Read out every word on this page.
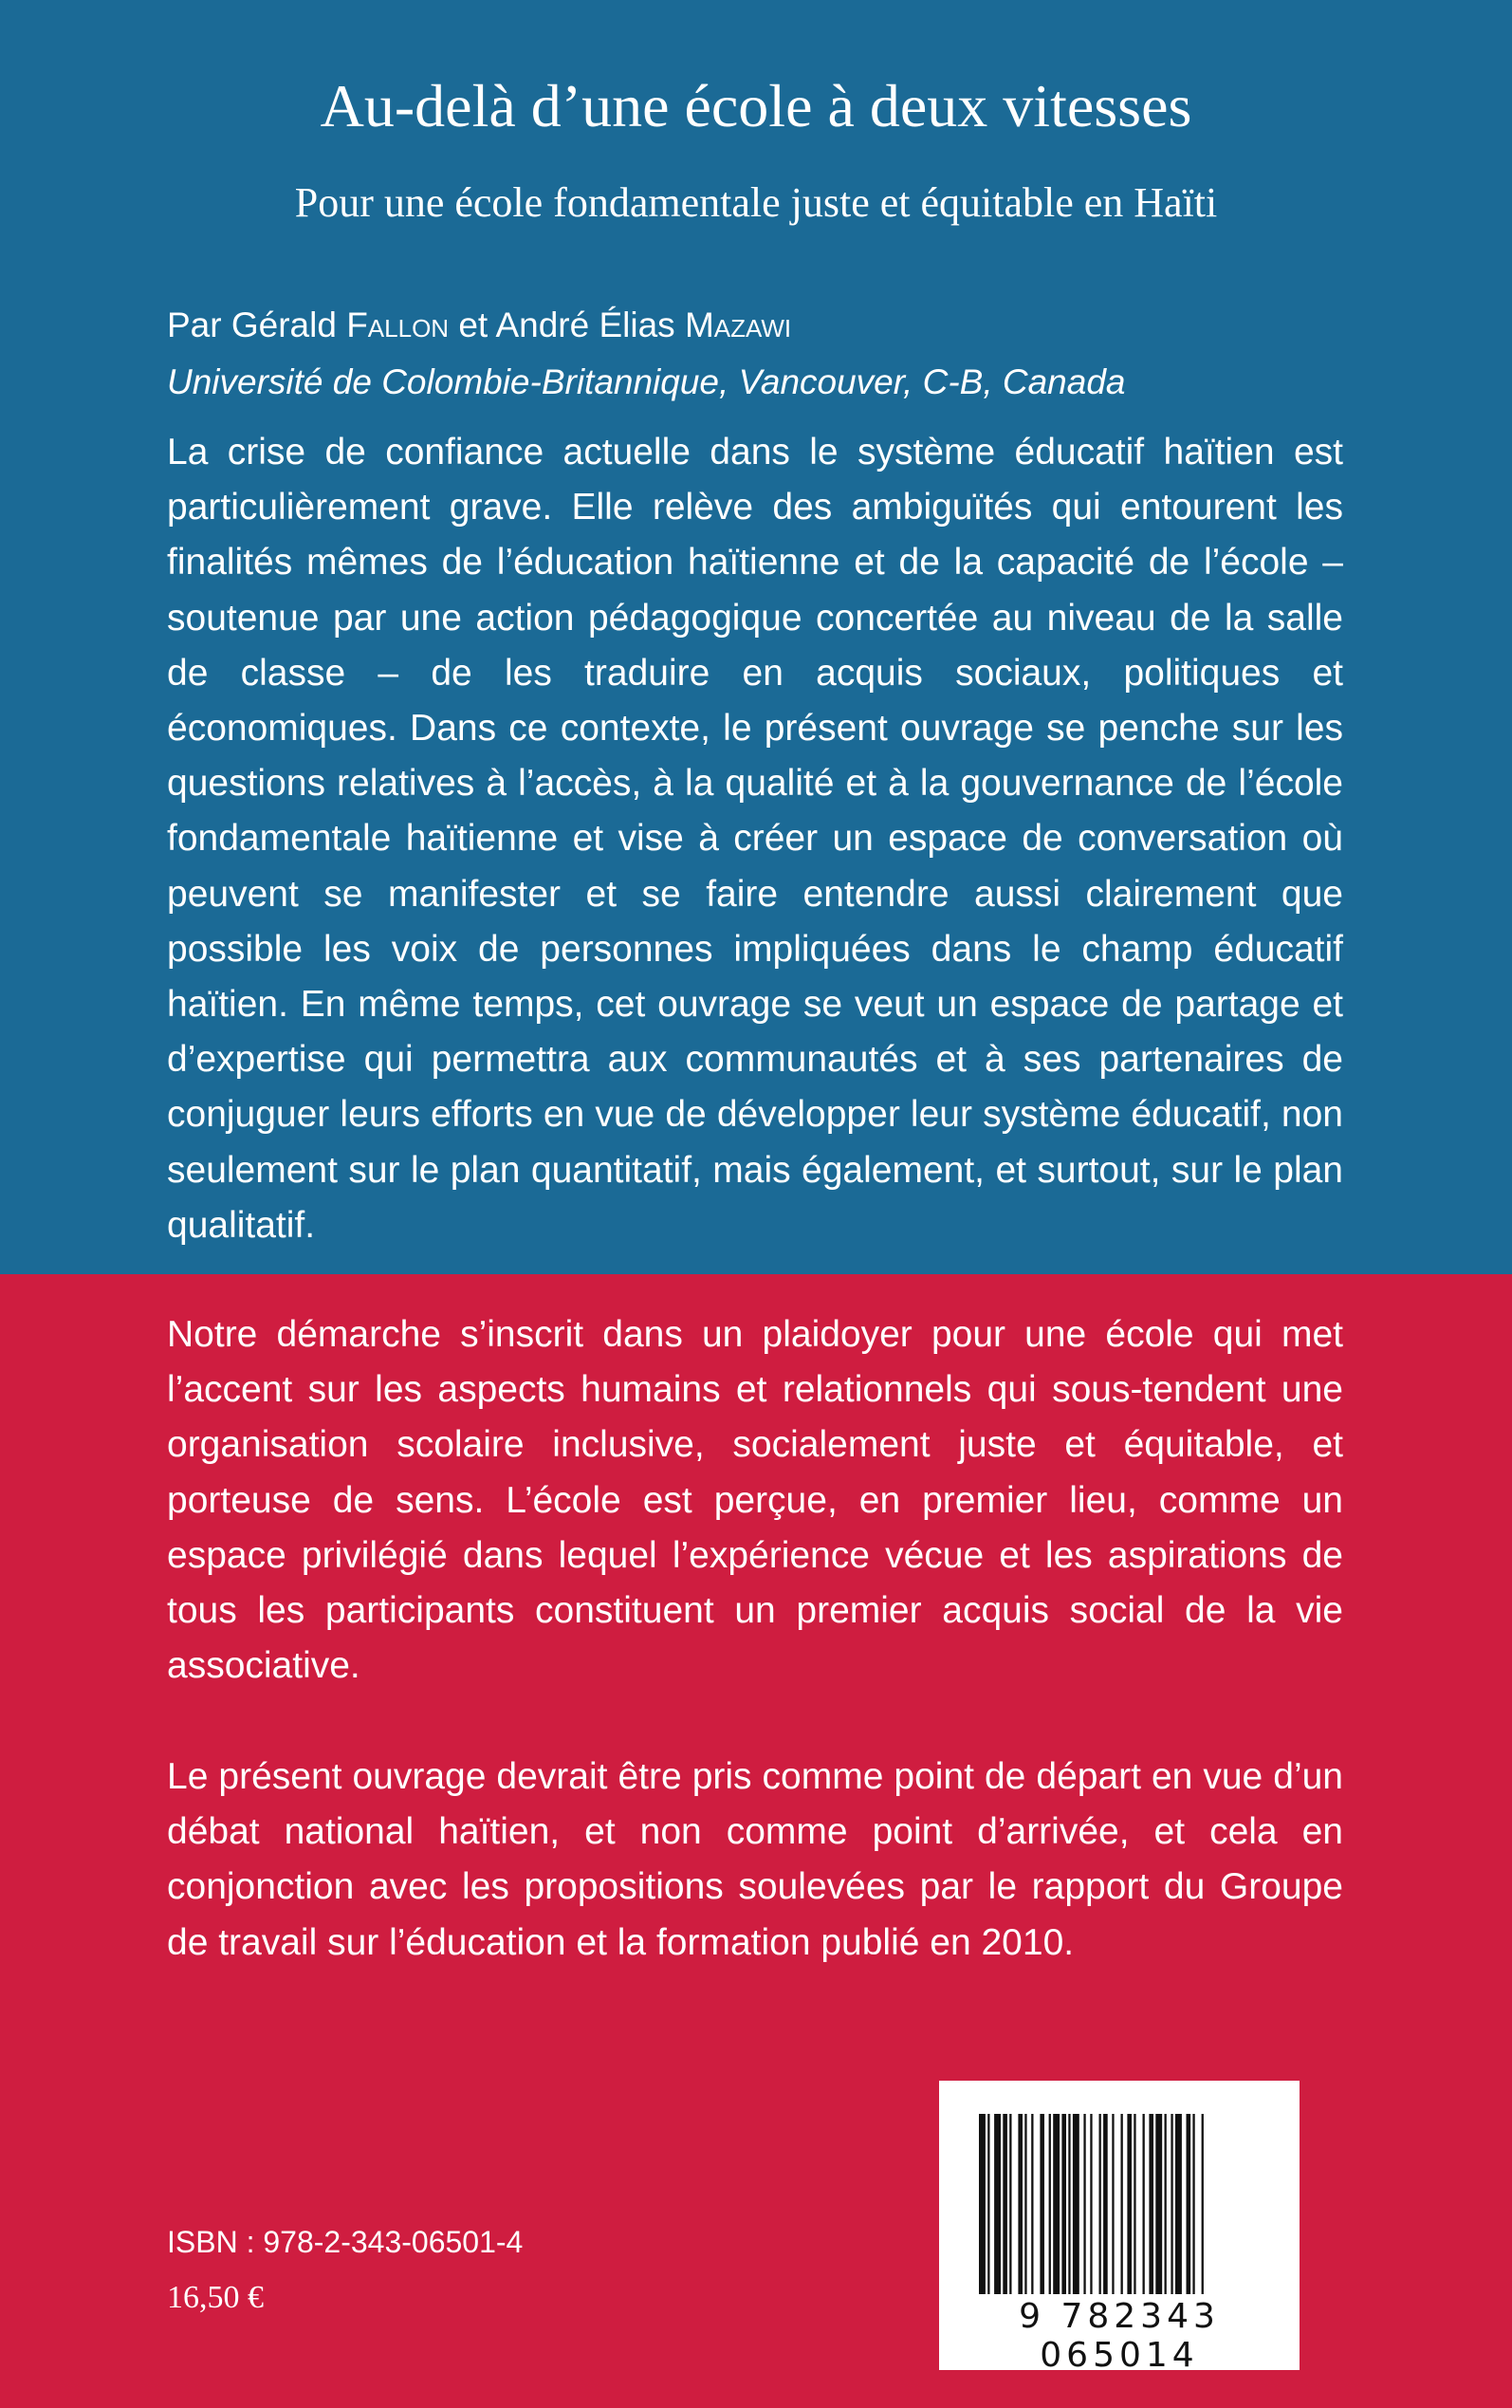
Au-delà d’une école à deux vitesses
Pour une école fondamentale juste et équitable en Haïti

Par Gérald Fallon et André Élias Mazawi

Université de Colombie-Britannique, Vancouver, C-B, Canada

La crise de confiance actuelle dans le système éducatif haïtien est particulièrement grave. Elle relève des ambiguïtés qui entourent les finalités mêmes de l’éducation haïtienne et de la capacité de l’école – soutenue par une action pédagogique concertée au niveau de la salle de classe – de les traduire en acquis sociaux, politiques et économiques. Dans ce contexte, le présent ouvrage se penche sur les questions relatives à l’accès, à la qualité et à la gouvernance de l’école fondamentale haïtienne et vise à créer un espace de conversation où peuvent se manifester et se faire entendre aussi clairement que possible les voix de personnes impliquées dans le champ éducatif haïtien. En même temps, cet ouvrage se veut un espace de partage et d’expertise qui permettra aux communautés et à ses partenaires de conjuguer leurs efforts en vue de développer leur système éducatif, non seulement sur le plan quantitatif, mais également, et surtout, sur le plan qualitatif.

Notre démarche s’inscrit dans un plaidoyer pour une école qui met l’accent sur les aspects humains et relationnels qui sous-tendent une organisation scolaire inclusive, socialement juste et équitable, et porteuse de sens. L’école est perçue, en premier lieu, comme un espace privilégié dans lequel l’expérience vécue et les aspirations de tous les participants constituent un premier acquis social de la vie associative.

Le présent ouvrage devrait être pris comme point de départ en vue d’un débat national haïtien, et non comme point d’arrivée, et cela en conjonction avec les propositions soulevées par le rapport du Groupe de travail sur l’éducation et la formation publié en 2010.

9 782343 065014

ISBN : 978-2-343-06501-4

16,50 €
